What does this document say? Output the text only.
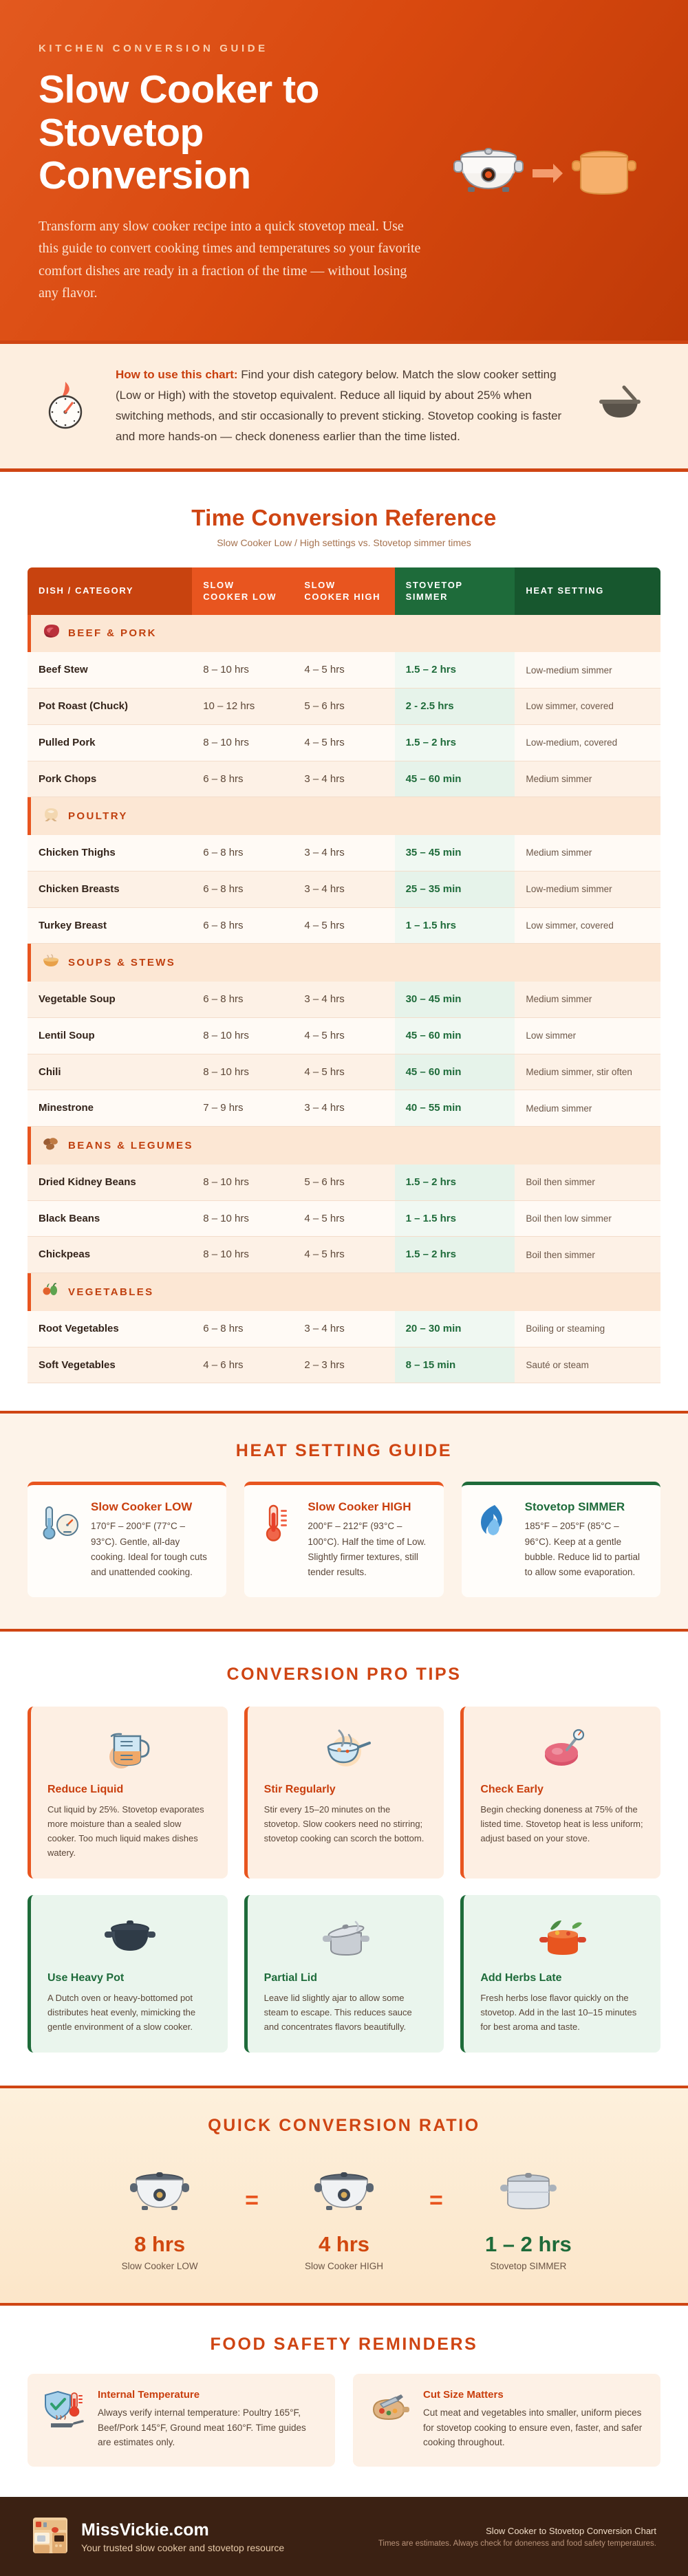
KITCHEN CONVERSION GUIDE
Slow Cooker to
Stovetop Conversion

Transform any slow cooker recipe into a quick stovetop meal. Use this guide to convert cooking times and temperatures so your favorite comfort dishes are ready in a fraction of the time — without losing any flavor.

How to use this chart: Find your dish category below. Match the slow cooker setting (Low or High) with the stovetop equivalent. Reduce all liquid by about 25% when switching methods, and stir occasionally to prevent sticking. Stovetop cooking is faster and more hands-on — check doneness earlier than the time listed.
Time Conversion Reference
Slow Cooker Low / High settings vs. Stovetop simmer times
DISH / CATEGORY	SLOW COOKER LOW	SLOW COOKER HIGH	STOVETOP SIMMER	HEAT SETTING

BEEF & PORK				

Beef Stew	8 – 10 hrs	4 – 5 hrs	1.5 – 2 hrs	Low-medium simmer
Pot Roast (Chuck)	10 – 12 hrs	5 – 6 hrs	2 - 2.5 hrs	Low simmer, covered
Pulled Pork	8 – 10 hrs	4 – 5 hrs	1.5 – 2 hrs	Low-medium, covered
Pork Chops	6 – 8 hrs	3 – 4 hrs	45 – 60 min	Medium simmer

POULTRY				

Chicken Thighs	6 – 8 hrs	3 – 4 hrs	35 – 45 min	Medium simmer
Chicken Breasts	6 – 8 hrs	3 – 4 hrs	25 – 35 min	Low-medium simmer
Turkey Breast	6 – 8 hrs	4 – 5 hrs	1 – 1.5 hrs	Low simmer, covered

SOUPS & STEWS				

Vegetable Soup	6 – 8 hrs	3 – 4 hrs	30 – 45 min	Medium simmer
Lentil Soup	8 – 10 hrs	4 – 5 hrs	45 – 60 min	Low simmer
Chili	8 – 10 hrs	4 – 5 hrs	45 – 60 min	Medium simmer, stir often
Minestrone	7 – 9 hrs	3 – 4 hrs	40 – 55 min	Medium simmer

BEANS & LEGUMES				

Dried Kidney Beans	8 – 10 hrs	5 – 6 hrs	1.5 – 2 hrs	Boil then simmer
Black Beans	8 – 10 hrs	4 – 5 hrs	1 – 1.5 hrs	Boil then low simmer
Chickpeas	8 – 10 hrs	4 – 5 hrs	1.5 – 2 hrs	Boil then simmer

VEGETABLES				

Root Vegetables	6 – 8 hrs	3 – 4 hrs	20 – 30 min	Boiling or steaming
Soft Vegetables	4 – 6 hrs	2 – 3 hrs	8 – 15 min	Sauté or steam
HEAT SETTING GUIDE
Slow Cooker LOW
170°F – 200°F (77°C – 93°C). Gentle, all-day cooking. Ideal for tough cuts and unattended cooking.
Slow Cooker HIGH
200°F – 212°F (93°C – 100°C). Half the time of Low. Slightly firmer textures, still tender results.
Stovetop SIMMER
185°F – 205°F (85°C – 96°C). Keep at a gentle bubble. Reduce lid to partial to allow some evaporation.
CONVERSION PRO TIPS
Reduce Liquid
Cut liquid by 25%. Stovetop evaporates more moisture than a sealed slow cooker. Too much liquid makes dishes watery.
Stir Regularly
Stir every 15–20 minutes on the stovetop. Slow cookers need no stirring; stovetop cooking can scorch the bottom.
Check Early
Begin checking doneness at 75% of the listed time. Stovetop heat is less uniform; adjust based on your stove.
Use Heavy Pot
A Dutch oven or heavy-bottomed pot distributes heat evenly, mimicking the gentle environment of a slow cooker.
Partial Lid
Leave lid slightly ajar to allow some steam to escape. This reduces sauce and concentrates flavors beautifully.
Add Herbs Late
Fresh herbs lose flavor quickly on the stovetop. Add in the last 10–15 minutes for best aroma and taste.
QUICK CONVERSION RATIO
8 hrs
Slow Cooker LOW
=
4 hrs
Slow Cooker HIGH
=
1 – 2 hrs
Stovetop SIMMER
FOOD SAFETY REMINDERS
Internal Temperature
Always verify internal temperature: Poultry 165°F, Beef/Pork 145°F, Ground meat 160°F. Time guides are estimates only.
Cut Size Matters
Cut meat and vegetables into smaller, uniform pieces for stovetop cooking to ensure even, faster, and safer cooking throughout.
MissVickie.com
Your trusted slow cooker and stovetop resource
Slow Cooker to Stovetop Conversion Chart
Times are estimates. Always check for doneness and food safety temperatures.
